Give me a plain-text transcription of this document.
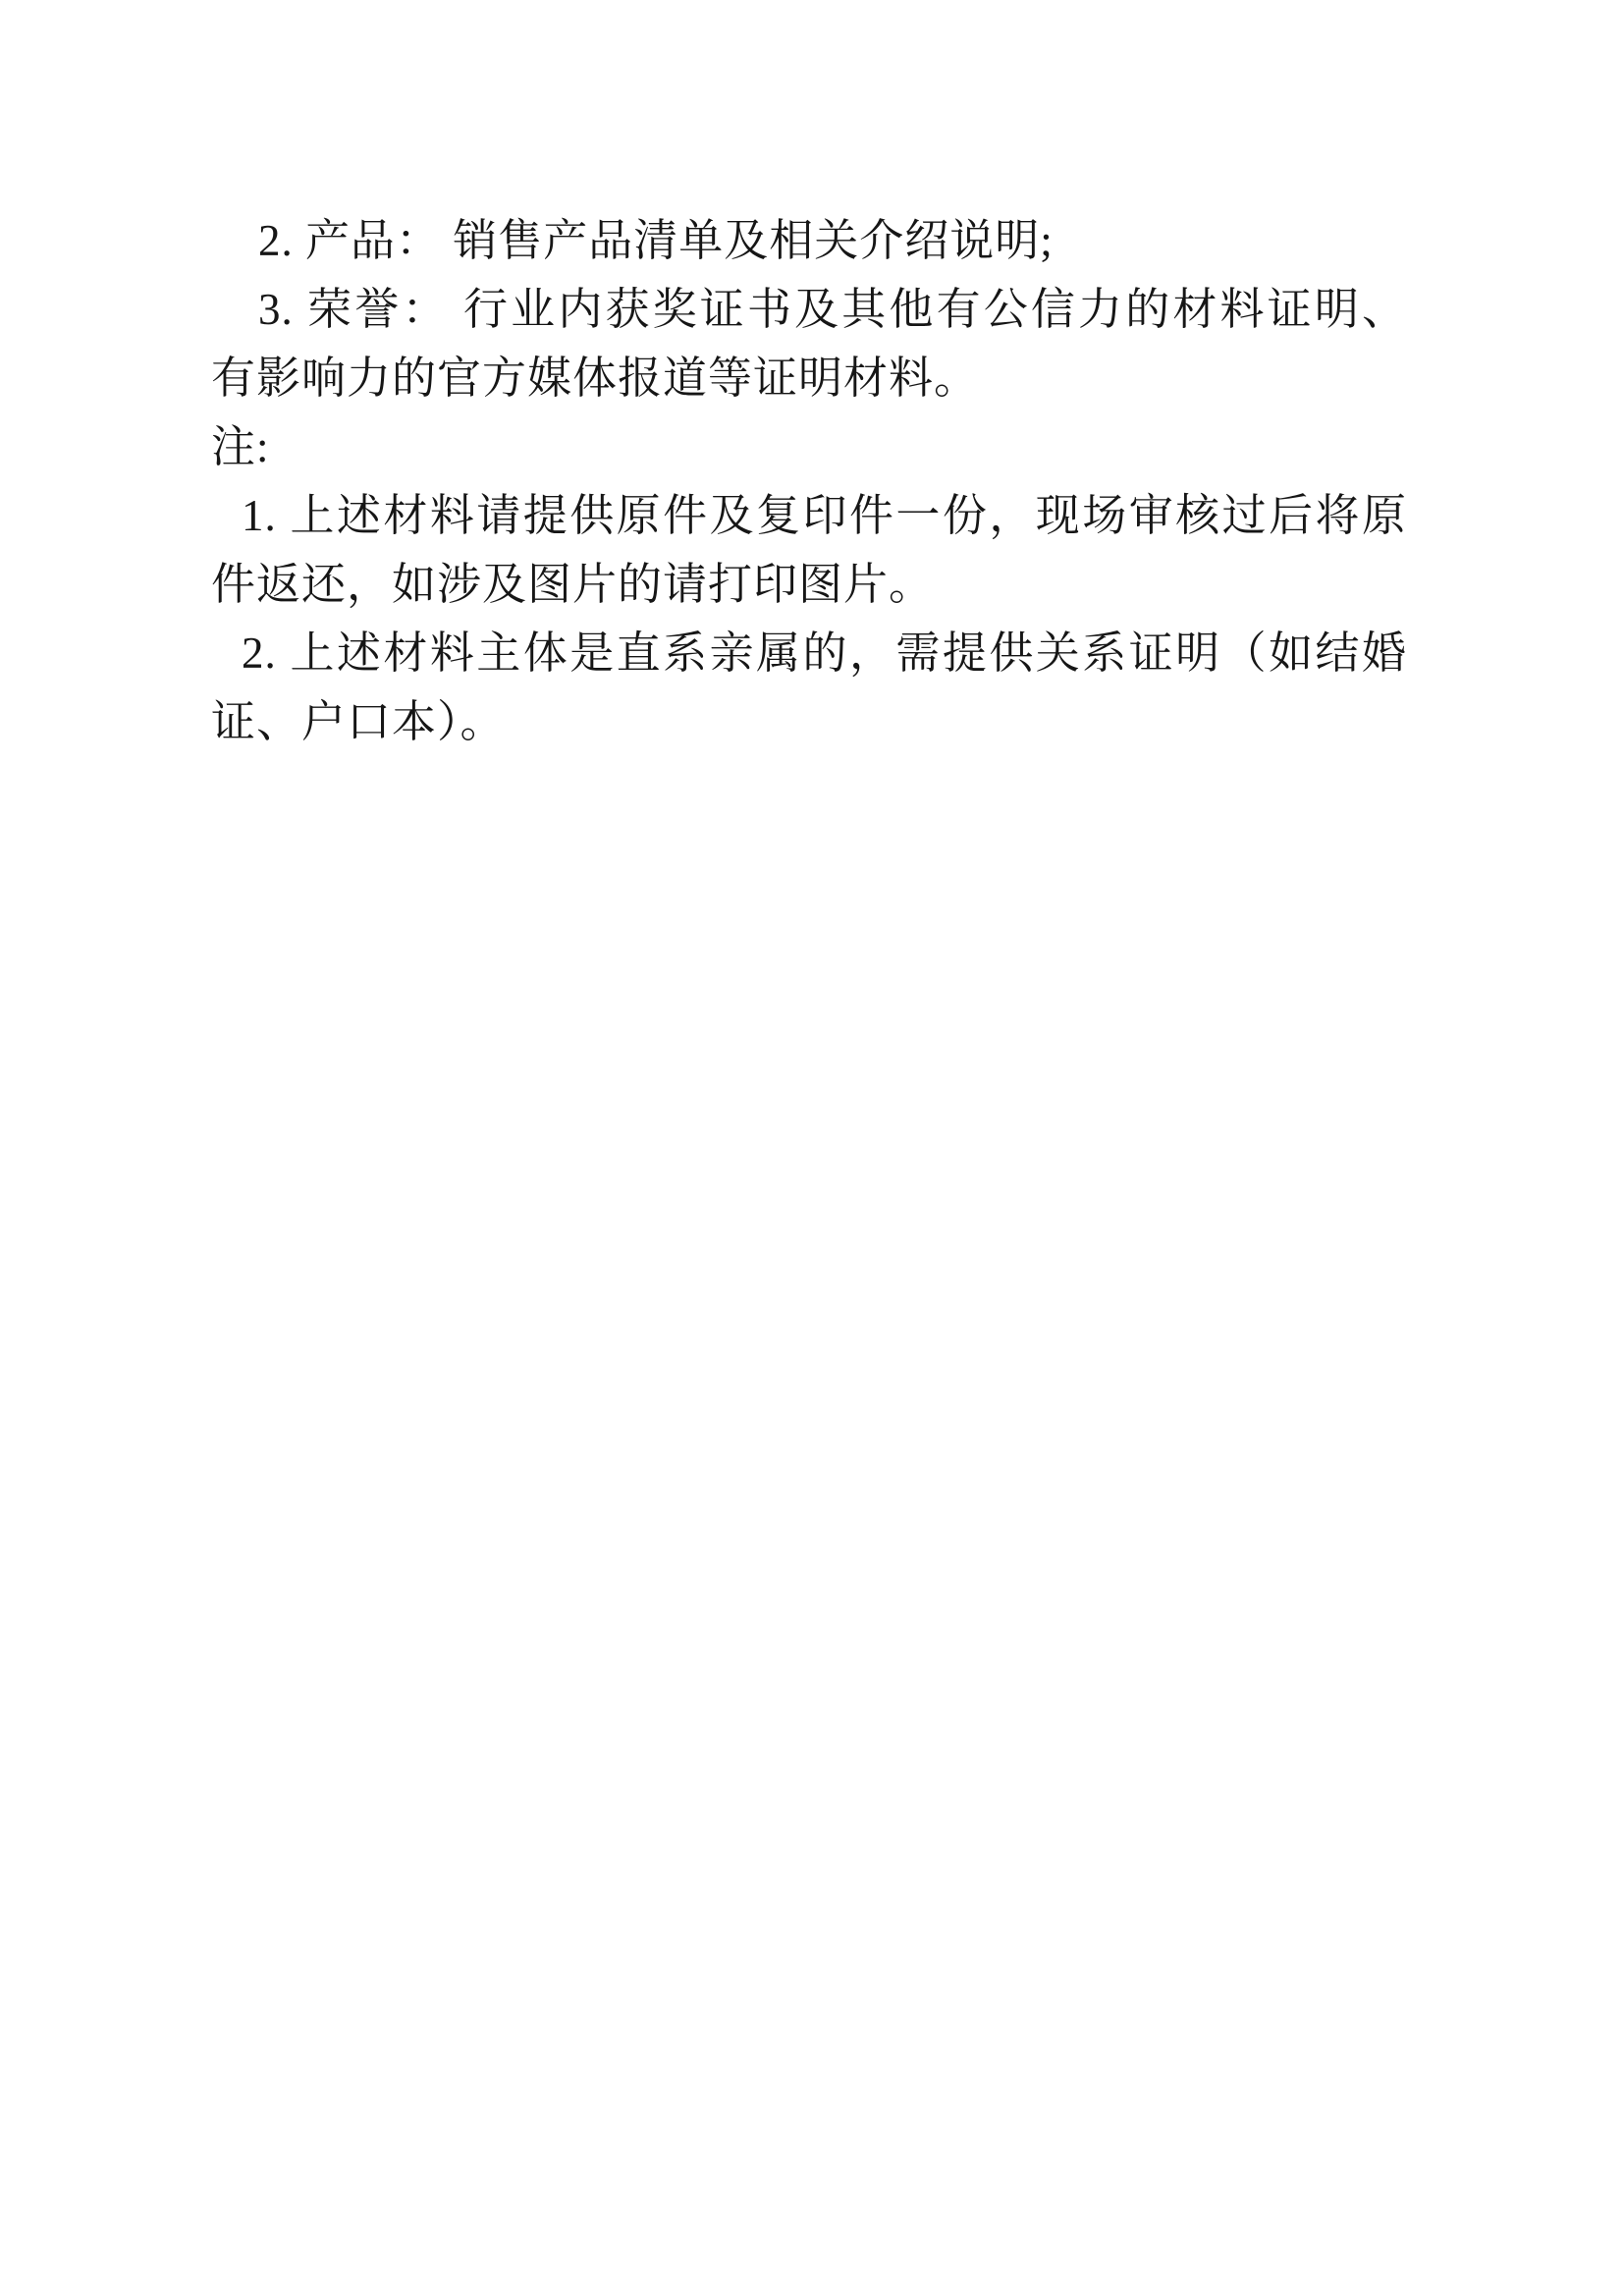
2. 产品： 销售产品清单及相关介绍说明;
3. 荣誉： 行业内获奖证书及其他有公信力的材料证明、
有影响力的官方媒体报道等证明材料。
注:
1. 上述材料请提供原件及复印件一份，现场审核过后将原
件返还，如涉及图片的请打印图片。
2. 上述材料主体是直系亲属的，需提供关系证明（如结婚
证、户口本）。
